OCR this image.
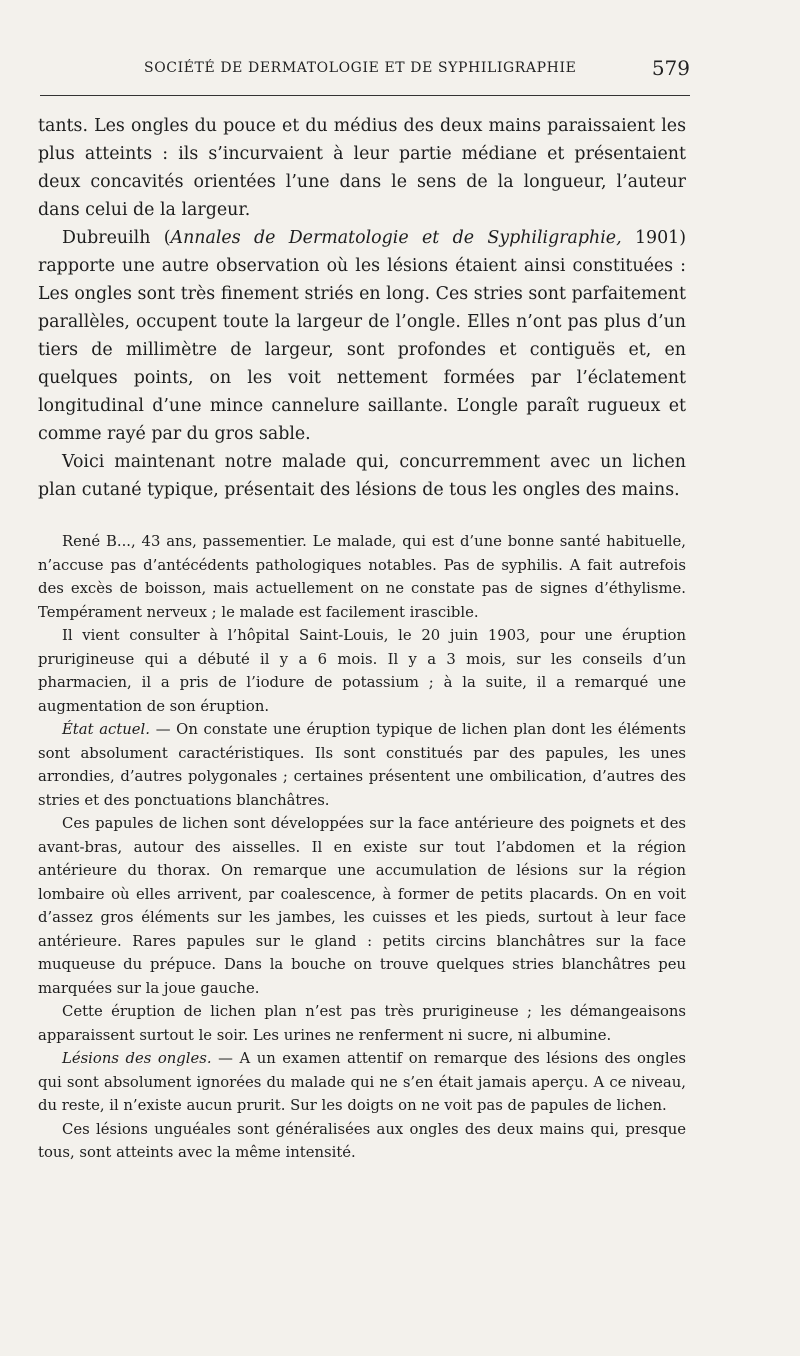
SOCIÉTÉ DE DERMATOLOGIE ET DE SYPHILIGRAPHIE	579

tants. Les ongles du pouce et du médius des deux mains paraissaient les plus atteints : ils s’incurvaient à leur partie médiane et présentaient deux concavités orientées l’une dans le sens de la longueur, l’auteur dans celui de la largeur.

Dubreuilh (Annales de Dermatologie et de Syphiligraphie, 1901) rapporte une autre observation où les lésions étaient ainsi constituées : Les ongles sont très finement striés en long. Ces stries sont parfaitement parallèles, occupent toute la largeur de l’ongle. Elles n’ont pas plus d’un tiers de millimètre de largeur, sont profondes et contiguës et, en quelques points, on les voit nettement formées par l’éclatement longitudinal d’une mince cannelure saillante. L’ongle paraît rugueux et comme rayé par du gros sable.

Voici maintenant notre malade qui, concurremment avec un lichen plan cutané typique, présentait des lésions de tous les ongles des mains.

René B..., 43 ans, passementier. Le malade, qui est d’une bonne santé habituelle, n’accuse pas d’antécédents pathologiques notables. Pas de syphilis. A fait autrefois des excès de boisson, mais actuellement on ne constate pas de signes d’éthylisme. Tempérament nerveux ; le malade est facilement irascible.

Il vient consulter à l’hôpital Saint-Louis, le 20 juin 1903, pour une éruption prurigineuse qui a débuté il y a 6 mois. Il y a 3 mois, sur les conseils d’un pharmacien, il a pris de l’iodure de potassium ; à la suite, il a remarqué une augmentation de son éruption.

État actuel. — On constate une éruption typique de lichen plan dont les éléments sont absolument caractéristiques. Ils sont constitués par des papules, les unes arrondies, d’autres polygonales ; certaines présentent une ombilication, d’autres des stries et des ponctuations blanchâtres.

Ces papules de lichen sont développées sur la face antérieure des poignets et des avant-bras, autour des aisselles. Il en existe sur tout l’abdomen et la région antérieure du thorax. On remarque une accumulation de lésions sur la région lombaire où elles arrivent, par coalescence, à former de petits placards. On en voit d’assez gros éléments sur les jambes, les cuisses et les pieds, surtout à leur face antérieure. Rares papules sur le gland : petits circins blanchâtres sur la face muqueuse du prépuce. Dans la bouche on trouve quelques stries blanchâtres peu marquées sur la joue gauche.

Cette éruption de lichen plan n’est pas très prurigineuse ; les démangeaisons apparaissent surtout le soir. Les urines ne renferment ni sucre, ni albumine.

Lésions des ongles. — A un examen attentif on remarque des lésions des ongles qui sont absolument ignorées du malade qui ne s’en était jamais aperçu. A ce niveau, du reste, il n’existe aucun prurit. Sur les doigts on ne voit pas de papules de lichen.

Ces lésions unguéales sont généralisées aux ongles des deux mains qui, presque tous, sont atteints avec la même intensité.
